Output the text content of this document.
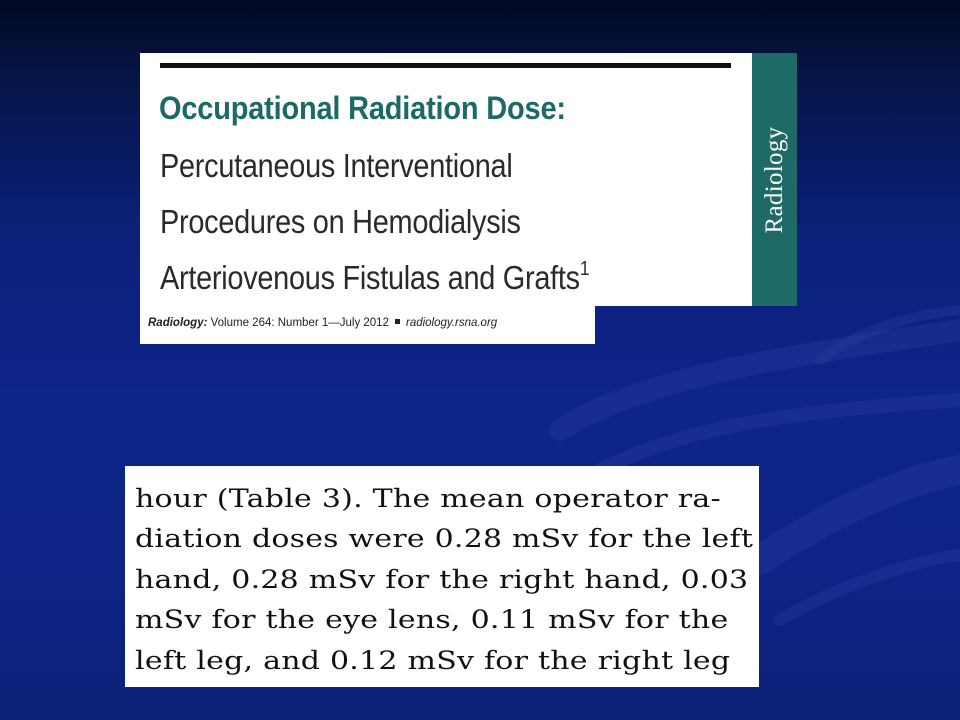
Occupational Radiation Dose:
Percutaneous Interventional
Procedures on Hemodialysis
Arteriovenous Fistulas and Grafts$^1$
Radiology
Radiology: Volume 264: Number 1—July 2012 radiology.rsna.org
hour (Table 3). The mean operator ra-
diation doses were 0.28 mSv for the left
hand, 0.28 mSv for the right hand, 0.03
mSv for the eye lens, 0.11 mSv for the
left leg, and 0.12 mSv for the right leg
